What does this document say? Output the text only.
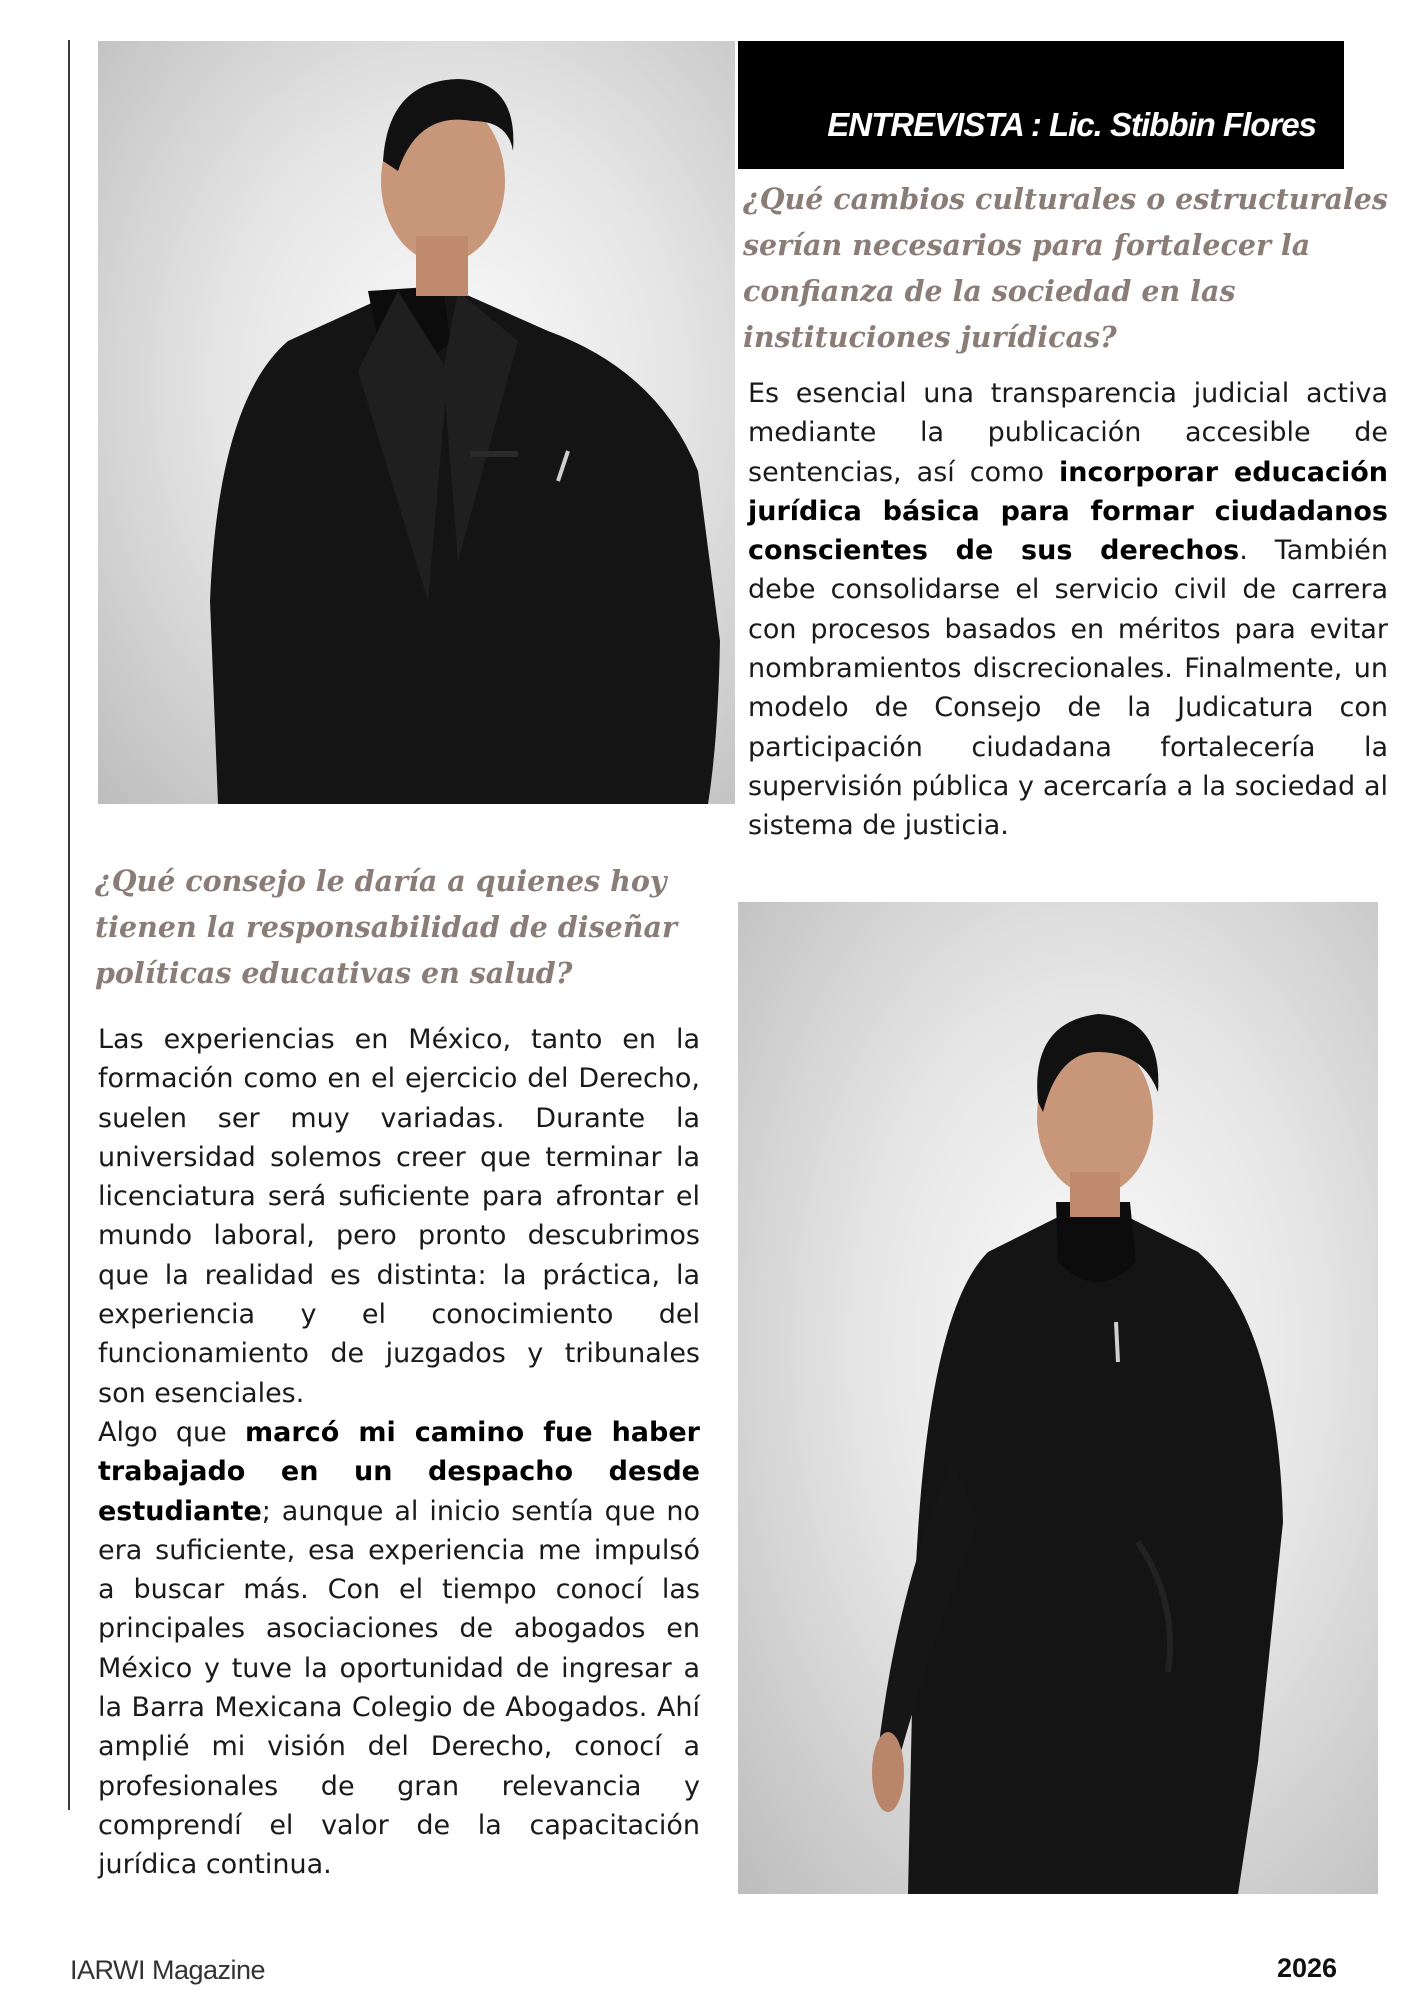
ENTREVISTA : Lic. Stibbin Flores
¿Qué cambios culturales o estructurales serían necesarios para fortalecer la confianza de la sociedad en las instituciones jurídicas?

Es esencial una transparencia judicial activa mediante la publicación accesible de sentencias, así como incorporar educación jurídica básica para formar ciudadanos conscientes de sus derechos. También debe consolidarse el servicio civil de carrera con procesos basados en méritos para evitar nombramientos discrecionales. Finalmente, un modelo de Consejo de la Judicatura con participación ciudadana fortalecería la supervisión pública y acercaría a la sociedad al sistema de justicia.

¿Qué consejo le daría a quienes hoy tienen la responsabilidad de diseñar políticas educativas en salud?
Las experiencias en México, tanto en la formación como en el ejercicio del Derecho, suelen ser muy variadas. Durante la universidad solemos creer que terminar la licenciatura será suficiente para afrontar el mundo laboral, pero pronto descubrimos que la realidad es distinta: la práctica, la experiencia y el conocimiento del funcionamiento de juzgados y tribunales son esenciales.
Algo que marcó mi camino fue haber trabajado en un despacho desde estudiante; aunque al inicio sentía que no era suficiente, esa experiencia me impulsó a buscar más. Con el tiempo conocí las principales asociaciones de abogados en México y tuve la oportunidad de ingresar a la Barra Mexicana Colegio de Abogados. Ahí amplié mi visión del Derecho, conocí a profesionales de gran relevancia y comprendí el valor de la capacitación jurídica continua.
IARWI Magazine	2026
